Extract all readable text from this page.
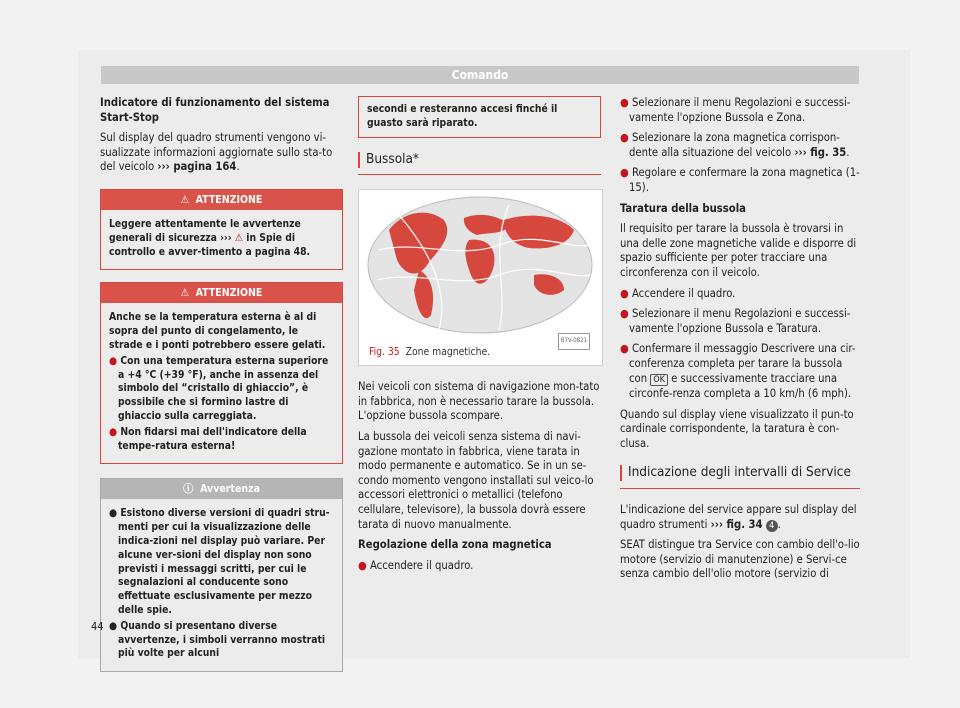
Comando

Indicatore di funzionamento del sistema Start-Stop

Sul display del quadro strumenti vengono vi-sualizzate informazioni aggiornate sullo sta-to del veicolo ››› pagina 164.

⚠  ATTENZIONE

Leggere attentamente le avvertenze generali di sicurezza ››› ⚠ in Spie di controllo e avver-timento a pagina 48.

⚠  ATTENZIONE

Anche se la temperatura esterna è al di sopra del punto di congelamento, le strade e i ponti potrebbero essere gelati.

● Con una temperatura esterna superiore a +4 °C (+39 °F), anche in assenza del simbolo del “cristallo di ghiaccio”, è possibile che si formino lastre di ghiaccio sulla carreggiata.

● Non fidarsi mai dell'indicatore della tempe-ratura esterna!

ⓘ Avvertenza

● Esistono diverse versioni di quadri stru-menti per cui la visualizzazione delle indica-zioni nel display può variare. Per alcune ver-sioni del display non sono previsti i messaggi scritti, per cui le segnalazioni al conducente sono effettuate esclusivamente per mezzo delle spie.

● Quando si presentano diverse avvertenze, i simboli verranno mostrati più volte per alcuni

secondi e resteranno accesi finché il guasto sarà riparato.
Bussola*
B7V-0821
Fig. 35 Zone magnetiche.

Nei veicoli con sistema di navigazione mon-tato in fabbrica, non è necessario tarare la bussola. L'opzione bussola scompare.

La bussola dei veicoli senza sistema di navi-gazione montato in fabbrica, viene tarata in modo permanente e automatico. Se in un se-condo momento vengono installati sul veico-lo accessori elettronici o metallici (telefono cellulare, televisore), la bussola dovrà essere tarata di nuovo manualmente.

Regolazione della zona magnetica

● Accendere il quadro.

● Selezionare il menu Regolazioni e successi-vamente l'opzione Bussola e Zona.

● Selezionare la zona magnetica corrispon-dente alla situazione del veicolo ››› fig. 35.

● Regolare e confermare la zona magnetica (1-15).

Taratura della bussola

Il requisito per tarare la bussola è trovarsi in una delle zone magnetiche valide e disporre di spazio sufficiente per poter tracciare una circonferenza con il veicolo.

● Accendere il quadro.

● Selezionare il menu Regolazioni e successi-vamente l'opzione Bussola e Taratura.

● Confermare il messaggio Descrivere una cir-conferenza completa per tarare la bussola con OK e successivamente tracciare una circonfe-renza completa a 10 km/h (6 mph).

Quando sul display viene visualizzato il pun-to cardinale corrispondente, la taratura è con-clusa.

Indicazione degli intervalli di Service

L'indicazione del service appare sul display del quadro strumenti ››› fig. 34 4 .

SEAT distingue tra Service con cambio dell'o-lio motore (servizio di manutenzione) e Servi-ce senza cambio dell'olio motore (servizio di

44
